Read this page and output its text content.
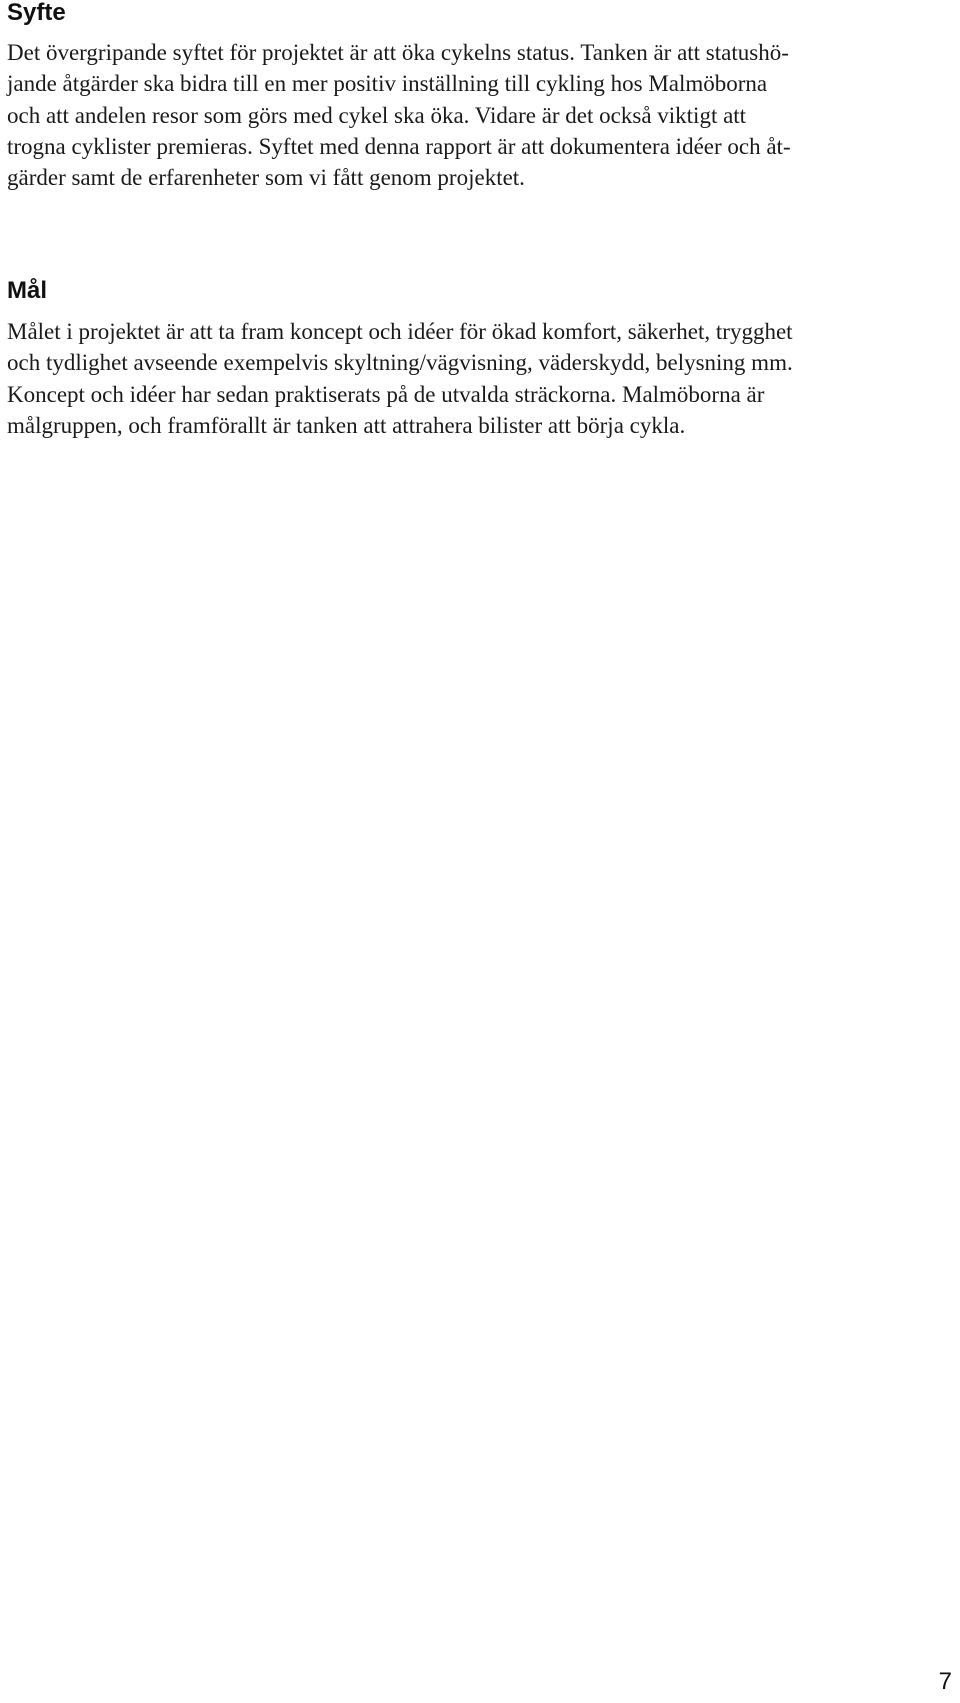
Syfte

Det övergripande syftet för projektet är att öka cykelns status. Tanken är att statushö-
jande åtgärder ska bidra till en mer positiv inställning till cykling hos Malmöborna
och att andelen resor som görs med cykel ska öka. Vidare är det också viktigt att
trogna cyklister premieras. Syftet med denna rapport är att dokumentera idéer och åt-
gärder samt de erfarenheter som vi fått genom projektet.

Mål

Målet i projektet är att ta fram koncept och idéer för ökad komfort, säkerhet, trygghet
och tydlighet avseende exempelvis skyltning/vägvisning, väderskydd, belysning mm.
Koncept och idéer har sedan praktiserats på de utvalda sträckorna. Malmöborna är
målgruppen, och framförallt är tanken att attrahera bilister att börja cykla.

7
